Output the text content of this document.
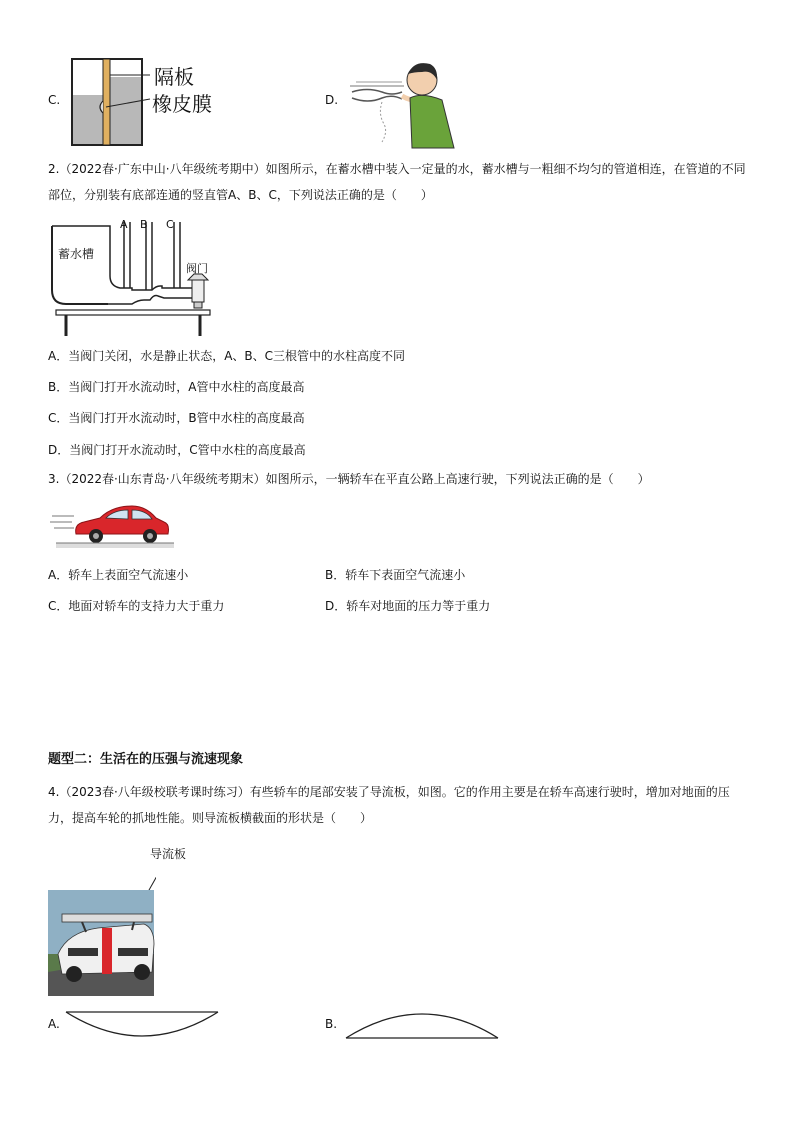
C.
隔板
橡皮膜	D.
2.（2022春·广东中山·八年级统考期中）如图所示，在蓄水槽中装入一定量的水，蓄水槽与一粗细不均匀的管道相连，在管道的不同部位，分别装有底部连通的竖直管A、B、C，下列说法正确的是（　　）
蓄水槽
阀门
A B C
A．当阀门关闭，水是静止状态，A、B、C三根管中的水柱高度不同
B．当阀门打开水流动时，A管中水柱的高度最高
C．当阀门打开水流动时，B管中水柱的高度最高
D．当阀门打开水流动时，C管中水柱的高度最高
3.（2022春·山东青岛·八年级统考期末）如图所示，一辆轿车在平直公路上高速行驶，下列说法正确的是（　　）
A．轿车上表面空气流速小	B．轿车下表面空气流速小
C．地面对轿车的支持力大于重力	D．轿车对地面的压力等于重力
题型二：生活在的压强与流速现象
4.（2023春·八年级校联考课时练习）有些轿车的尾部安装了导流板，如图。它的作用主要是在轿车高速行驶时，增加对地面的压力，提高车轮的抓地性能。则导流板横截面的形状是（　　）
导流板
A.	B.
